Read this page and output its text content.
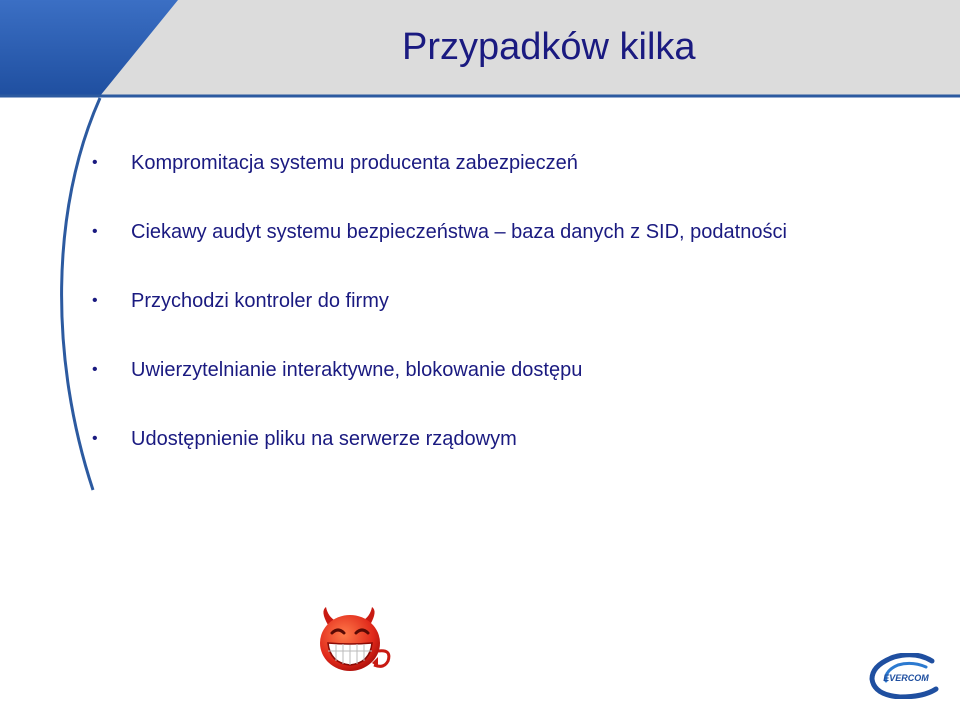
Przypadków kilka
•	Kompromitacja systemu producenta zabezpieczeń
•	Ciekawy audyt systemu bezpieczeństwa – baza danych z SID, podatności
•	Przychodzi kontroler do firmy
•	Uwierzytelnianie interaktywne, blokowanie dostępu
•	Udostępnienie pliku na serwerze rządowym
EVERCOM
